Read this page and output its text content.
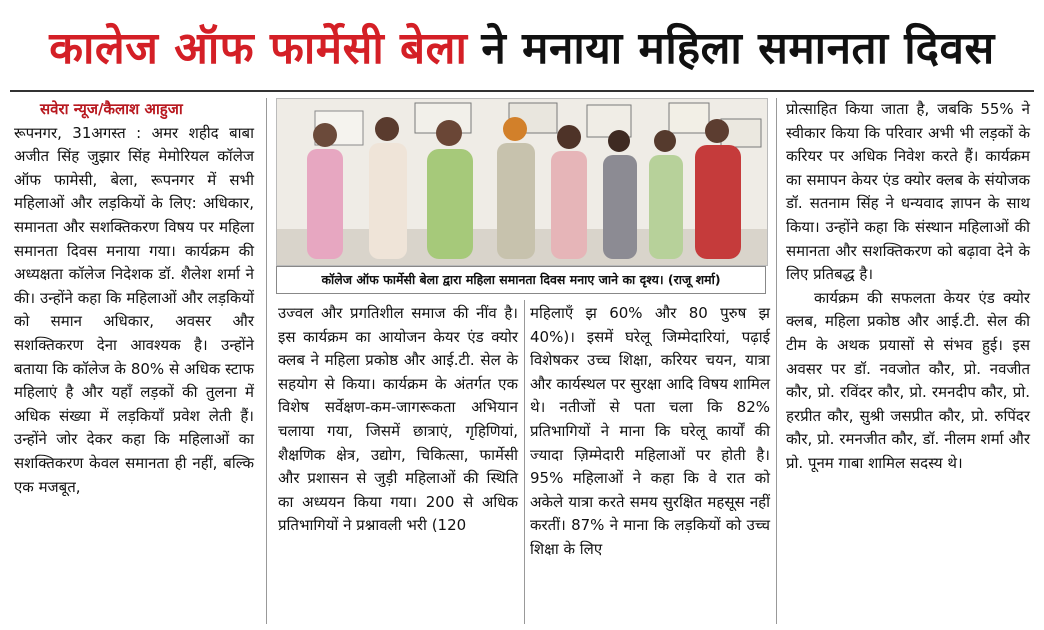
कालेज ऑफ फार्मेसी बेला ने मनाया महिला समानता दिवस
सवेरा न्यूज/कैलाश आहुजा

रूपनगर, 31अगस्त : अमर शहीद बाबा अजीत सिंह जुझार सिंह मेमोरियल कॉलेज ऑफ फामेसी, बेला, रूपनगर में सभी महिलाओं और लड़कियों के लिए: अधिकार, समानता और सशक्तिकरण विषय पर महिला समानता दिवस मनाया गया। कार्यक्रम की अध्यक्षता कॉलेज निदेशक डॉ. शैलेश शर्मा ने की। उन्होंने कहा कि महिलाओं और लड़कियों को समान अधिकार, अवसर और सशक्तिकरण देना आवश्यक है। उन्होंने बताया कि कॉलेज के 80% से अधिक स्टाफ महिलाएं है और यहाँ लड़कों की तुलना में अधिक संख्या में लड़कियाँ प्रवेश लेती हैं। उन्होंने जोर देकर कहा कि महिलाओं का सशक्तिकरण केवल समानता ही नहीं, बल्कि एक मजबूत,

कॉलेज ऑफ फार्मेसी बेला द्वारा महिला समानता दिवस मनाए जाने का दृश्य। (राजू शर्मा)

उज्वल और प्रगतिशील समाज की नींव है। इस कार्यक्रम का आयोजन केयर एंड क्योर क्लब ने महिला प्रकोष्ठ और आई.टी. सेल के सहयोग से किया। कार्यक्रम के अंतर्गत एक विशेष सर्वेक्षण-कम-जागरूकता अभियान चलाया गया, जिसमें छात्राएं, गृहिणियां, शैक्षणिक क्षेत्र, उद्योग, चिकित्सा, फार्मेसी और प्रशासन से जुड़ी महिलाओं की स्थिति का अध्ययन किया गया। 200 से अधिक प्रतिभागियों ने प्रश्नावली भरी (120

महिलाएँ झ 60% और 80 पुरुष झ 40%)। इसमें घरेलू जिम्मेदारियां, पढ़ाई विशेषकर उच्च शिक्षा, करियर चयन, यात्रा और कार्यस्थल पर सुरक्षा आदि विषय शामिल थे। नतीजों से पता चला कि 82% प्रतिभागियों ने माना कि घरेलू कार्यों की ज्यादा ज़िम्मेदारी महिलाओं पर होती है। 95% महिलाओं ने कहा कि वे रात को अकेले यात्रा करते समय सुरक्षित महसूस नहीं करतीं। 87% ने माना कि लड़कियों को उच्च शिक्षा के लिए

प्रोत्साहित किया जाता है, जबकि 55% ने स्वीकार किया कि परिवार अभी भी लड़कों के करियर पर अधिक निवेश करते हैं। कार्यक्रम का समापन केयर एंड क्योर क्लब के संयोजक डॉ. सतनाम सिंह ने धन्यवाद ज्ञापन के साथ किया। उन्होंने कहा कि संस्थान महिलाओं की समानता और सशक्तिकरण को बढ़ावा देने के लिए प्रतिबद्ध है।

कार्यक्रम की सफलता केयर एंड क्योर क्लब, महिला प्रकोष्ठ और आई.टी. सेल की टीम के अथक प्रयासों से संभव हुई। इस अवसर पर डॉ. नवजोत कौर, प्रो. नवजीत कौर, प्रो. रविंदर कौर, प्रो. रमनदीप कौर, प्रो. हरप्रीत कौर, सुश्री जसप्रीत कौर, प्रो. रुपिंदर कौर, प्रो. रमनजीत कौर, डॉ. नीलम शर्मा और प्रो. पूनम गाबा शामिल सदस्य थे।
